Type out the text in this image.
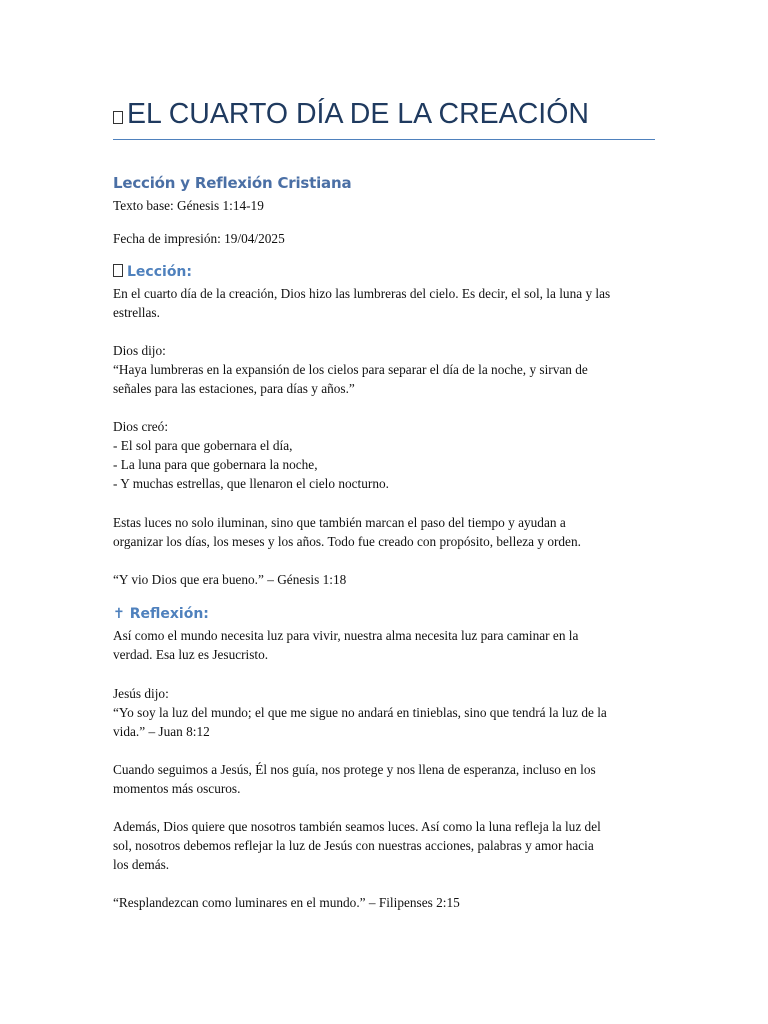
EL CUARTO DÍA DE LA CREACIÓN
Lección y Reflexión Cristiana
Texto base: Génesis 1:14-19
Fecha de impresión: 19/04/2025
Lección:
En el cuarto día de la creación, Dios hizo las lumbreras del cielo. Es decir, el sol, la luna y las
estrellas.
Dios dijo:
“Haya lumbreras en la expansión de los cielos para separar el día de la noche, y sirvan de
señales para las estaciones, para días y años.”
Dios creó:
- El sol para que gobernara el día,
- La luna para que gobernara la noche,
- Y muchas estrellas, que llenaron el cielo nocturno.
Estas luces no solo iluminan, sino que también marcan el paso del tiempo y ayudan a
organizar los días, los meses y los años. Todo fue creado con propósito, belleza y orden.
“Y vio Dios que era bueno.” – Génesis 1:18
✝ Reflexión:
Así como el mundo necesita luz para vivir, nuestra alma necesita luz para caminar en la
verdad. Esa luz es Jesucristo.
Jesús dijo:
“Yo soy la luz del mundo; el que me sigue no andará en tinieblas, sino que tendrá la luz de la
vida.” – Juan 8:12
Cuando seguimos a Jesús, Él nos guía, nos protege y nos llena de esperanza, incluso en los
momentos más oscuros.
Además, Dios quiere que nosotros también seamos luces. Así como la luna refleja la luz del
sol, nosotros debemos reflejar la luz de Jesús con nuestras acciones, palabras y amor hacia
los demás.
“Resplandezcan como luminares en el mundo.” – Filipenses 2:15
